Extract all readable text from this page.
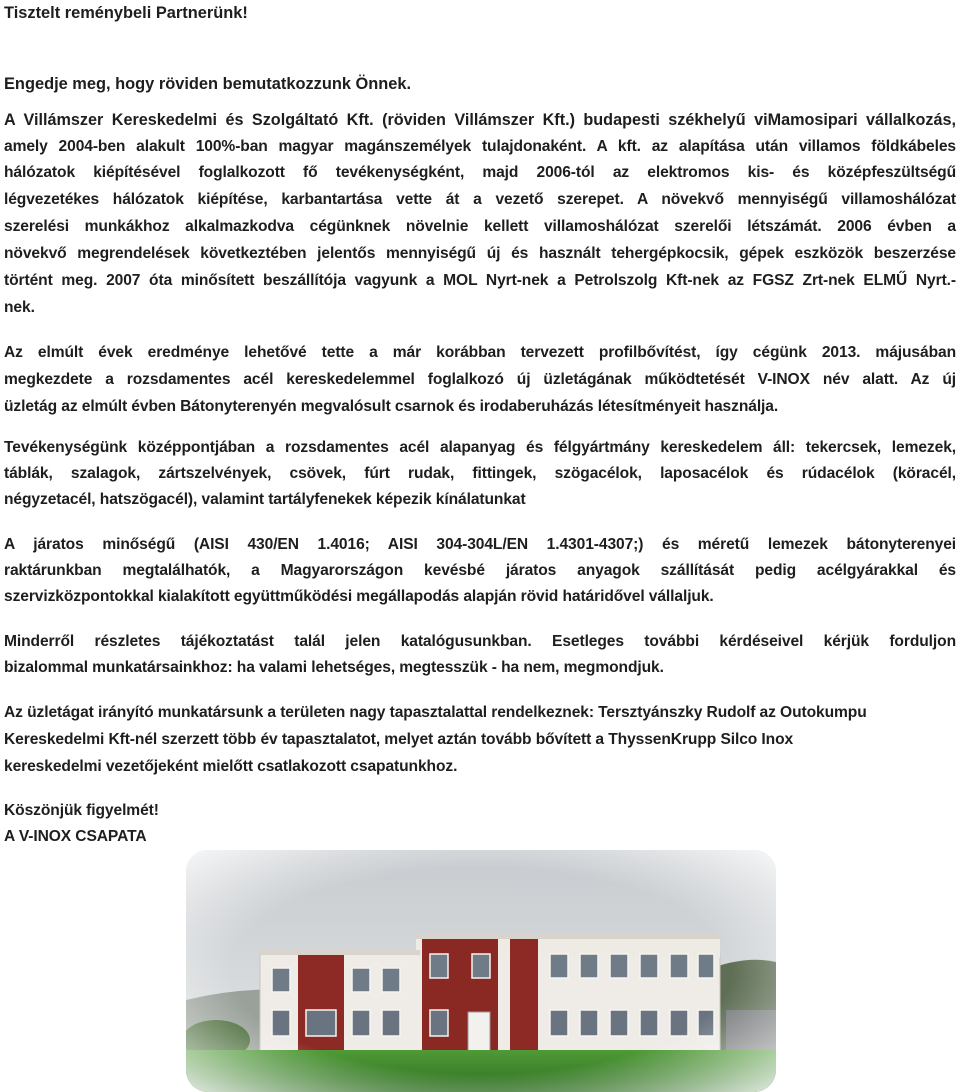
Tisztelt reménybeli Partnerünk!
Engedje meg, hogy röviden bemutatkozzunk Önnek.
A Villámszer Kereskedelmi és Szolgáltató Kft. (röviden Villámszer Kft.) budapesti székhelyű viMamosipari vállalkozás,
amely 2004-ben alakult 100%-ban magyar magánszemélyek tulajdonaként. A kft. az alapítása után villamos földkábeles
hálózatok kiépítésével foglalkozott fő tevékenységként, majd 2006-tól az elektromos kis- és középfeszültségű
légvezetékes hálózatok kiépítése, karbantartása vette át a vezető szerepet. A növekvő mennyiségű villamoshálózat
szerelési munkákhoz alkalmazkodva cégünknek növelnie kellett villamoshálózat szerelői létszámát. 2006 évben a
növekvő megrendelések következtében jelentős mennyiségű új és használt tehergépkocsik, gépek eszközök beszerzése
történt meg. 2007 óta minősített beszállítója vagyunk a MOL Nyrt-nek a Petrolszolg Kft-nek az FGSZ Zrt-nek ELMŰ Nyrt.-
nek.
Az elmúlt évek eredménye lehetővé tette a már korábban tervezett profilbővítést, így cégünk 2013. májusában
megkezdete a rozsdamentes acél kereskedelemmel foglalkozó új üzletágának működtetését V-INOX név alatt. Az új
üzletág az elmúlt évben Bátonyterenyén megvalósult csarnok és irodaberuházás létesítményeit használja.
Tevékenységünk középpontjában a rozsdamentes acél alapanyag és félgyártmány kereskedelem áll: tekercsek, lemezek,
táblák, szalagok, zártszelvények, csövek, fúrt rudak, fittingek, szögacélok, laposacélok és rúdacélok (köracél,
négyzetacél, hatszögacél), valamint tartályfenekek képezik kínálatunkat
A járatos minőségű (AISI 430/EN 1.4016; AISI 304-304L/EN 1.4301-4307;) és méretű lemezek bátonyterenyei
raktárunkban megtalálhatók, a Magyarországon kevésbé járatos anyagok szállítását pedig acélgyárakkal és
szervizközpontokkal kialakított együttműködési megállapodás alapján rövid határidővel vállaljuk.
Minderről részletes tájékoztatást talál jelen katalógusunkban. Esetleges további kérdéseivel kérjük forduljon
bizalommal munkatársainkhoz: ha valami lehetséges, megtesszük - ha nem, megmondjuk.
Az üzletágat irányító munkatársunk a területen nagy tapasztalattal rendelkeznek: Tersztyánszky Rudolf az Outokumpu
Kereskedelmi Kft-nél szerzett több év tapasztalatot, melyet aztán tovább bővített a ThyssenKrupp Silco Inox
kereskedelmi vezetőjeként mielőtt csatlakozott csapatunkhoz.
Köszönjük figyelmét!
A V-INOX CSAPATA
